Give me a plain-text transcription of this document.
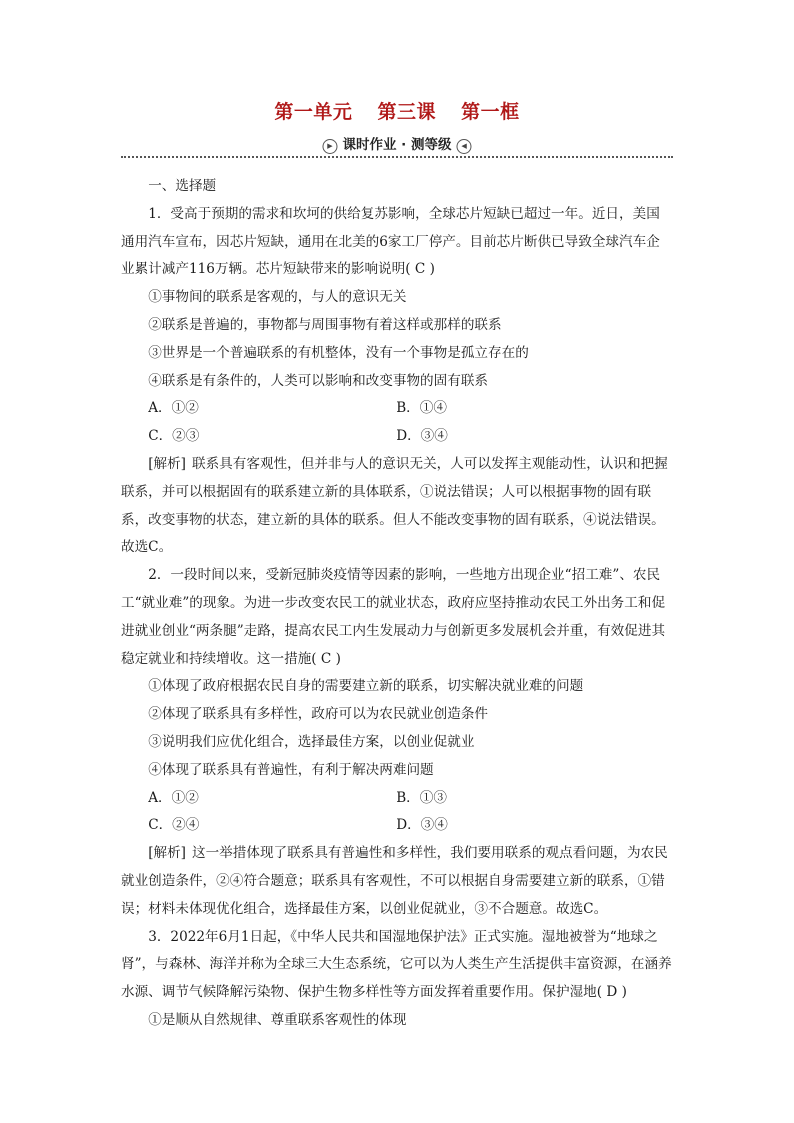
第一单元 第三课 第一框
▶ 课时作业 · 测等级 ◀

一、选择题

1．受高于预期的需求和坎坷的供给复苏影响，全球芯片短缺已超过一年。近日，美国通用汽车宣布，因芯片短缺，通用在北美的6家工厂停产。目前芯片断供已导致全球汽车企业累计减产116万辆。芯片短缺带来的影响说明( C )

①事物间的联系是客观的，与人的意识无关

②联系是普遍的，事物都与周围事物有着这样或那样的联系

③世界是一个普遍联系的有机整体，没有一个事物是孤立存在的

④联系是有条件的，人类可以影响和改变事物的固有联系

A．①②	B．①④
C．②③	D．③④

[解析] 联系具有客观性，但并非与人的意识无关，人可以发挥主观能动性，认识和把握联系，并可以根据固有的联系建立新的具体联系，①说法错误；人可以根据事物的固有联系，改变事物的状态，建立新的具体的联系。但人不能改变事物的固有联系，④说法错误。故选C。

2．一段时间以来，受新冠肺炎疫情等因素的影响，一些地方出现企业“招工难”、农民工“就业难”的现象。为进一步改变农民工的就业状态，政府应坚持推动农民工外出务工和促进就业创业“两条腿”走路，提高农民工内生发展动力与创新更多发展机会并重，有效促进其稳定就业和持续增收。这一措施( C )

①体现了政府根据农民自身的需要建立新的联系，切实解决就业难的问题

②体现了联系具有多样性，政府可以为农民就业创造条件

③说明我们应优化组合，选择最佳方案，以创业促就业

④体现了联系具有普遍性，有利于解决两难问题

A．①②	B．①③
C．②④	D．③④

[解析] 这一举措体现了联系具有普遍性和多样性，我们要用联系的观点看问题，为农民就业创造条件，②④符合题意；联系具有客观性，不可以根据自身需要建立新的联系，①错误；材料未体现优化组合，选择最佳方案，以创业促就业，③不合题意。故选C。

3．2022年6月1日起，《中华人民共和国湿地保护法》正式实施。湿地被誉为“地球之肾”，与森林、海洋并称为全球三大生态系统，它可以为人类生产生活提供丰富资源，在涵养水源、调节气候降解污染物、保护生物多样性等方面发挥着重要作用。保护湿地( D )

①是顺从自然规律、尊重联系客观性的体现
